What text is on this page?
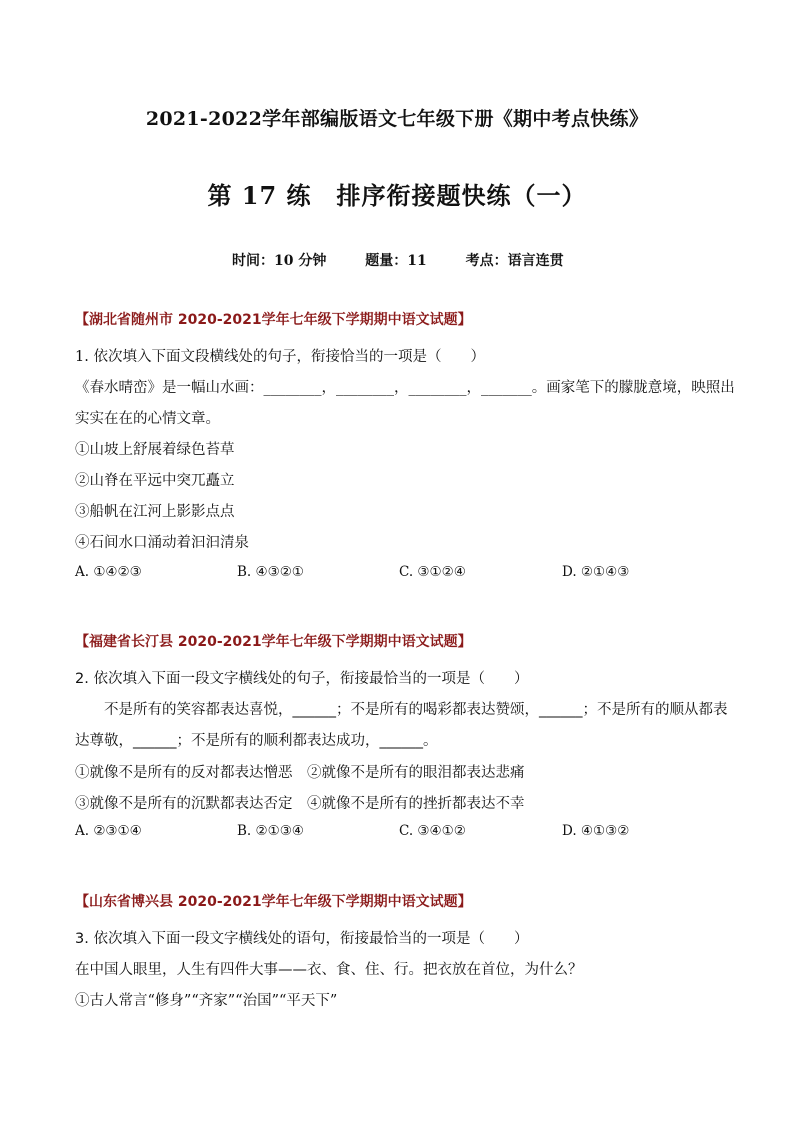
2021-2022学年部编版语文七年级下册《期中考点快练》
第 17 练　排序衔接题快练（一）
时间：10 分钟	题量：11	考点：语言连贯
【湖北省随州市 2020-2021学年七年级下学期期中语文试题】
1. 依次填入下面文段横线处的句子，衔接恰当的一项是（　　）
《春水晴峦》是一幅山水画：________，________，________，_______。画家笔下的朦胧意境，映照出
实实在在的心情文章。
①山坡上舒展着绿色苔草
②山脊在平远中突兀矗立
③船帆在江河上影影点点
④石间水口涌动着汩汩清泉
A. ①④②③	B. ④③②①	C. ③①②④	D. ②①④③
【福建省长汀县 2020-2021学年七年级下学期期中语文试题】
2. 依次填入下面一段文字横线处的句子，衔接最恰当的一项是（　　）
不是所有的笑容都表达喜悦，______；不是所有的喝彩都表达赞颂，______；不是所有的顺从都表
达尊敬，______；不是所有的顺利都表达成功，______。
①就像不是所有的反对都表达憎恶　②就像不是所有的眼泪都表达悲痛
③就像不是所有的沉默都表达否定　④就像不是所有的挫折都表达不幸
A. ②③①④	B. ②①③④	C. ③④①②	D. ④①③②
【山东省博兴县 2020-2021学年七年级下学期期中语文试题】
3. 依次填入下面一段文字横线处的语句，衔接最恰当的一项是（　　）
在中国人眼里，人生有四件大事——衣、食、住、行。把衣放在首位，为什么？
①古人常言“修身”“齐家”“治国”“平天下”
